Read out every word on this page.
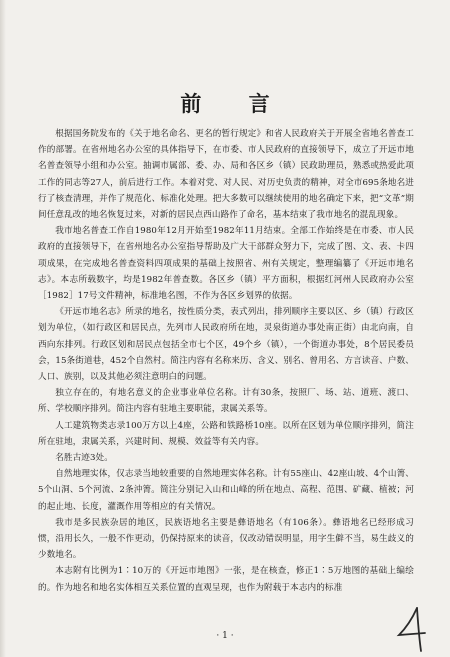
前 言

根据国务院发布的《关于地名命名、更名的暂行规定》和省人民政府关于开展全省地名普查工作的部署。在省州地名办公室的具体指导下，在市委、市人民政府的直接领导下，成立了开远市地名普查领导小组和办公室。抽调市属部、委、办、局和各区乡（镇）民政助理员，熟悉或热爱此项工作的同志等27人，前后进行工作。本着对党、对人民、对历史负责的精神，对全市695条地名进行了核查清理，并作了规范化、标准化处理。把大多数可以继续使用的地名确定下来，把“文革”期间任意乱改的地名恢复过来，对新的居民点西山路作了命名，基本结束了我市地名的混乱现象。

我市地名普查工作自1980年12月开始至1982年11月结束。全部工作始终是在市委、市人民政府的直接领导下，在省州地名办公室指导帮助及广大干部群众努力下，完成了图、文、表、卡四项成果，在完成地名普查资料四项成果的基础上按照省、州有关规定，整理编纂了《开远市地名志》。本志所载数字，均是1982年普查数。各区乡（镇）平方面积，根据红河州人民政府办公室［1982］17号文件精神，标准地名图，不作为各区乡划界的依据。

《开远市地名志》所录的地名，按性质分类，表式列出，排列顺序主要以区、乡（镇）行政区划为单位，（如行政区和居民点，先列市人民政府所在地，灵泉街道办事处南正街）由北向南，自西向东排列。行政区划和居民点包括全市七个区，49个乡（镇），一个街道办事处，8个居民委员会，15条街道巷，452个自然村。简注内容有名称来历、含义、别名、曾用名、方言读音、户数、人口、族别，以及其他必须注意明白的问题。

独立存在的，有地名意义的企业事业单位名称。计有30条，按照厂、场、站、道班、渡口、所、学校顺序排列。简注内容有驻地主要职能，隶属关系等。

人工建筑物类志录100万方以上4座，公路和铁路桥10座。以所在区划为单位顺序排列，简注所在驻地，隶属关系，兴建时间、规模、效益等有关内容。

名胜古迹3处。

自然地理实体，仅志录当地较重要的自然地理实体名称。计有55座山、42座山坡、4个山箐、5个山洞、5个河流、2条沖箐。简注分别记入山和山峰的所在地点、高程、范围、矿藏、植被；河的起止地、长度，灌溉作用等相应的有关情况。

我市是多民族杂居的地区，民族语地名主要是彝语地名（有106条）。彝语地名已经形成习惯，沿用长久，一般不作更动，仍保持原来的读音，仅改动错误明显，用字生僻不当，易生歧义的少数地名。

本志附有比例为1∶10万的《开远市地图》一张，是在核查，修正1∶5万地图的基础上编绘的。作为地名和地名实体相互关系位置的直观呈现，也作为附载于本志内的标准

· 1 ·
